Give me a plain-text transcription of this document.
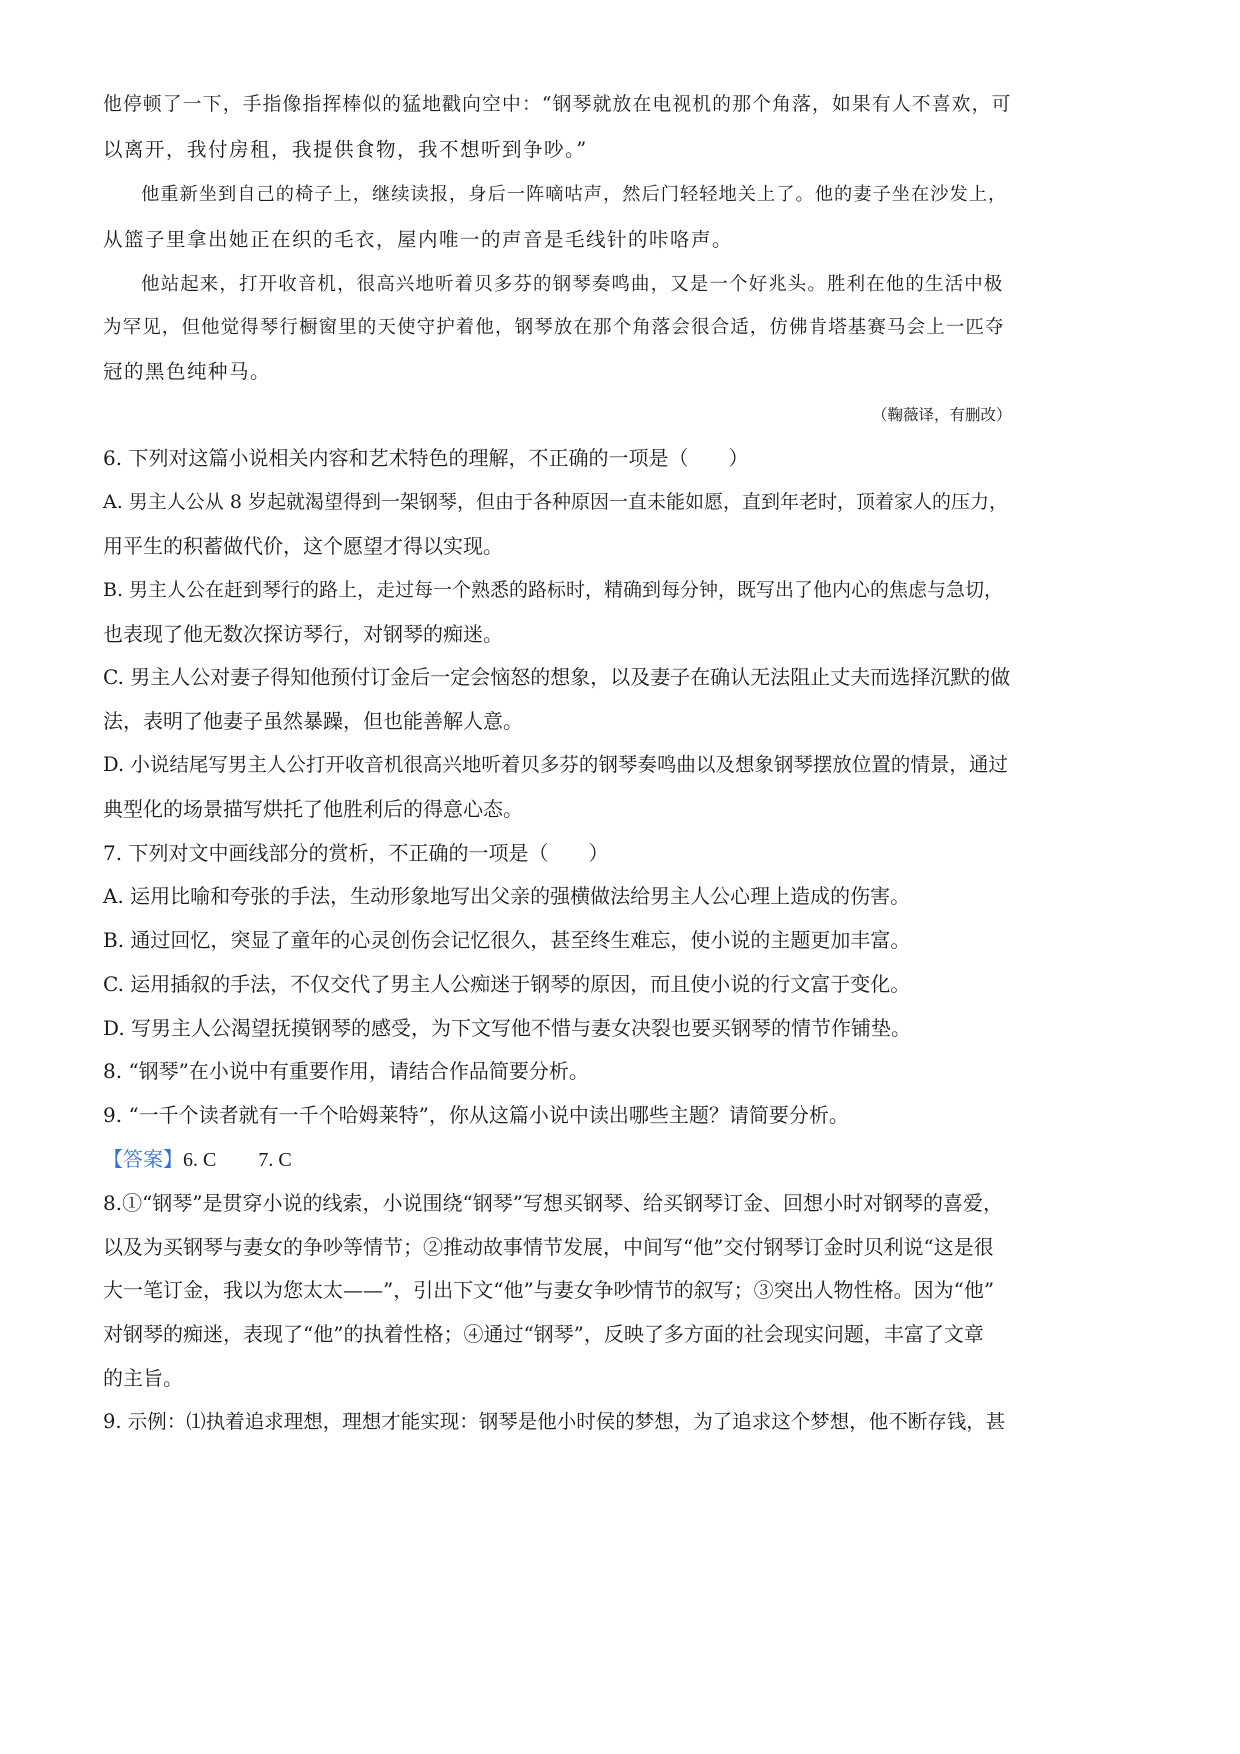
他停顿了一下，手指像指挥棒似的猛地戳向空中：“钢琴就放在电视机的那个角落，如果有人不喜欢，可
以离开，我付房租，我提供食物，我不想听到争吵。”
他重新坐到自己的椅子上，继续读报，身后一阵嘀咕声，然后门轻轻地关上了。他的妻子坐在沙发上，
从篮子里拿出她正在织的毛衣，屋内唯一的声音是毛线针的咔咯声。
他站起来，打开收音机，很高兴地听着贝多芬的钢琴奏鸣曲，又是一个好兆头。胜利在他的生活中极
为罕见，但他觉得琴行橱窗里的天使守护着他，钢琴放在那个角落会很合适，仿佛肯塔基赛马会上一匹夺
冠的黑色纯种马。
（鞠薇译，有删改）
6. 下列对这篇小说相关内容和艺术特色的理解，不正确的一项是（　　）
A. 男主人公从 8 岁起就渴望得到一架钢琴，但由于各种原因一直未能如愿，直到年老时，顶着家人的压力，
用平生的积蓄做代价，这个愿望才得以实现。
B. 男主人公在赶到琴行的路上，走过每一个熟悉的路标时，精确到每分钟，既写出了他内心的焦虑与急切，
也表现了他无数次探访琴行，对钢琴的痴迷。
C. 男主人公对妻子得知他预付订金后一定会恼怒的想象，以及妻子在确认无法阻止丈夫而选择沉默的做
法，表明了他妻子虽然暴躁，但也能善解人意。
D. 小说结尾写男主人公打开收音机很高兴地听着贝多芬的钢琴奏鸣曲以及想象钢琴摆放位置的情景，通过
典型化的场景描写烘托了他胜利后的得意心态。
7. 下列对文中画线部分的赏析，不正确的一项是（　　）
A. 运用比喻和夸张的手法，生动形象地写出父亲的强横做法给男主人公心理上造成的伤害。
B. 通过回忆，突显了童年的心灵创伤会记忆很久，甚至终生难忘，使小说的主题更加丰富。
C. 运用插叙的手法，不仅交代了男主人公痴迷于钢琴的原因，而且使小说的行文富于变化。
D. 写男主人公渴望抚摸钢琴的感受，为下文写他不惜与妻女决裂也要买钢琴的情节作铺垫。
8. “钢琴”在小说中有重要作用，请结合作品简要分析。
9. “一千个读者就有一千个哈姆莱特”，你从这篇小说中读出哪些主题？请简要分析。
【答案】6. C 7. C
8.①“钢琴”是贯穿小说的线索，小说围绕“钢琴”写想买钢琴、给买钢琴订金、回想小时对钢琴的喜爱，
以及为买钢琴与妻女的争吵等情节；②推动故事情节发展，中间写“他”交付钢琴订金时贝利说“这是很
大一笔订金，我以为您太太——”，引出下文“他”与妻女争吵情节的叙写；③突出人物性格。因为“他”
对钢琴的痴迷，表现了“他”的执着性格；④通过“钢琴”，反映了多方面的社会现实问题，丰富了文章
的主旨。
9. 示例：⑴执着追求理想，理想才能实现：钢琴是他小时侯的梦想，为了追求这个梦想，他不断存钱，甚
